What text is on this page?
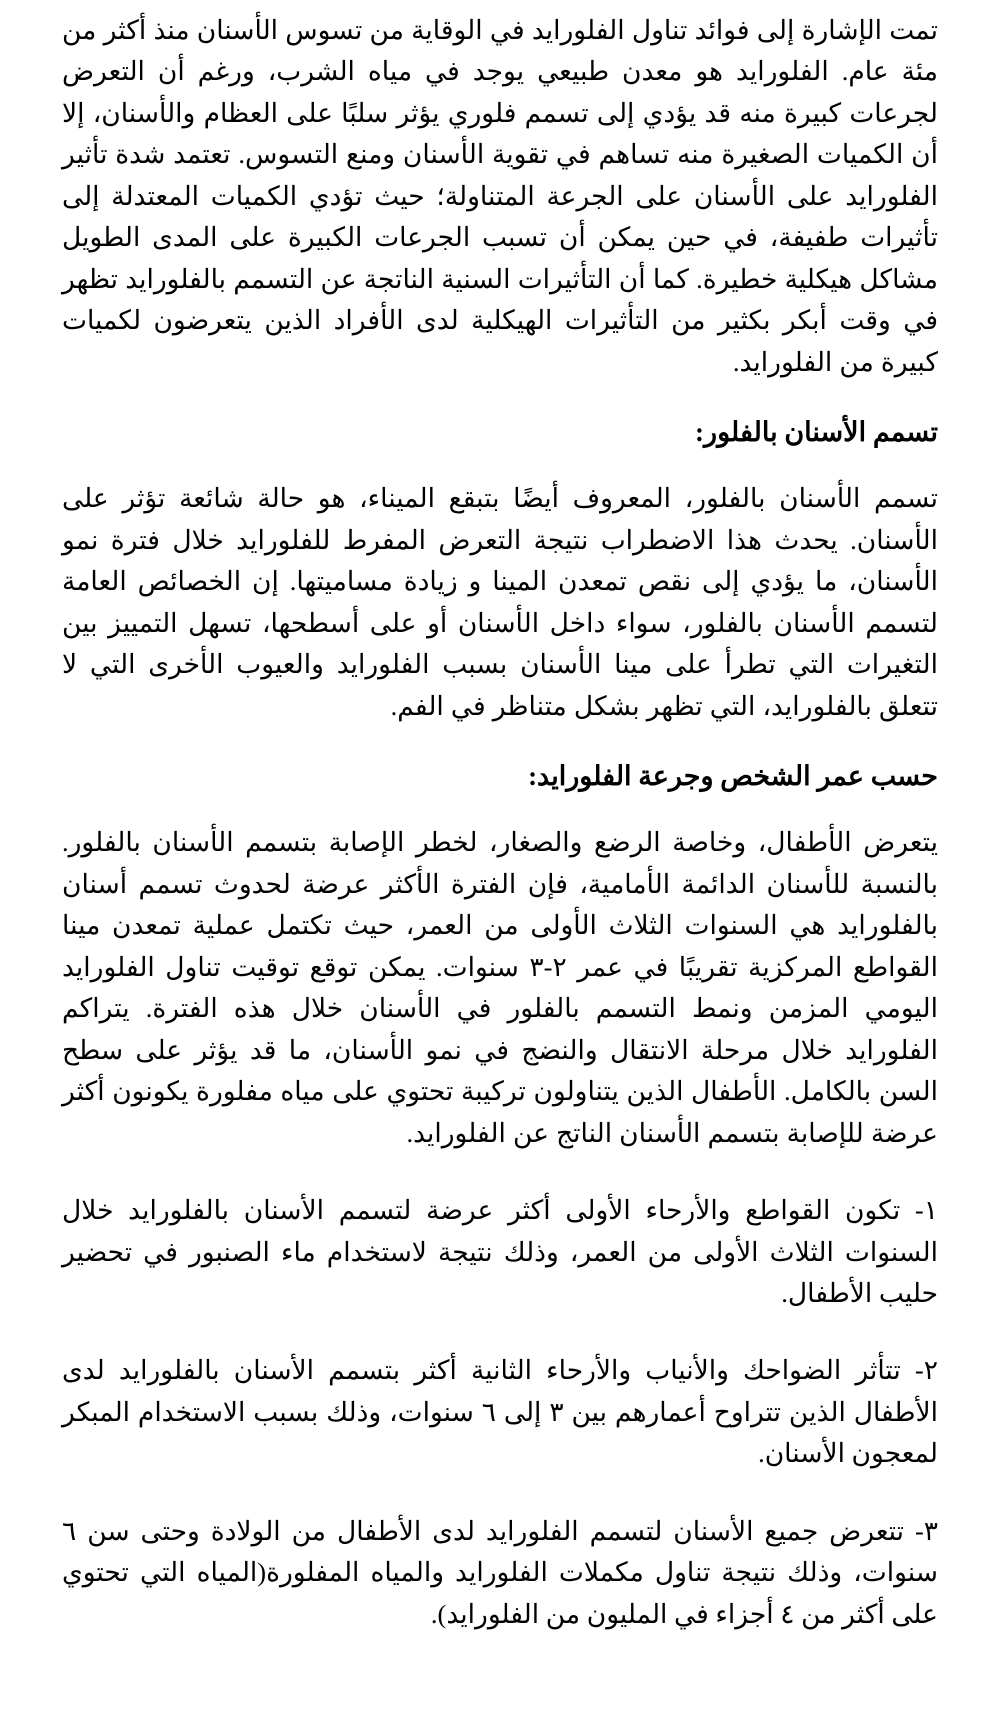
تمت الإشارة إلى فوائد تناول الفلورايد في الوقاية من تسوس الأسنان منذ أكثر من مئة عام. الفلورايد هو معدن طبيعي يوجد في مياه الشرب، ورغم أن التعرض لجرعات كبيرة منه قد يؤدي إلى تسمم فلوري يؤثر سلبًا على العظام والأسنان، إلا أن الكميات الصغيرة منه تساهم في تقوية الأسنان ومنع التسوس. تعتمد شدة تأثير الفلورايد على الأسنان على الجرعة المتناولة؛ حيث تؤدي الكميات المعتدلة إلى تأثيرات طفيفة، في حين يمكن أن تسبب الجرعات الكبيرة على المدى الطويل مشاكل هيكلية خطيرة. كما أن التأثيرات السنية الناتجة عن التسمم بالفلورايد تظهر في وقت أبكر بكثير من التأثيرات الهيكلية لدى الأفراد الذين يتعرضون لكميات كبيرة من الفلورايد.

تسمم الأسنان بالفلور:

تسمم الأسنان بالفلور، المعروف أيضًا بتبقع الميناء، هو حالة شائعة تؤثر على الأسنان. يحدث هذا الاضطراب نتيجة التعرض المفرط للفلورايد خلال فترة نمو الأسنان، ما يؤدي إلى نقص تمعدن المينا و زيادة مساميتها. إن الخصائص العامة لتسمم الأسنان بالفلور، سواء داخل الأسنان أو على أسطحها، تسهل التمييز بين التغيرات التي تطرأ على مينا الأسنان بسبب الفلورايد والعيوب الأخرى التي لا تتعلق بالفلورايد، التي تظهر بشكل متناظر في الفم.

حسب عمر الشخص وجرعة الفلورايد:

يتعرض الأطفال، وخاصة الرضع والصغار، لخطر الإصابة بتسمم الأسنان بالفلور. بالنسبة للأسنان الدائمة الأمامية، فإن الفترة الأكثر عرضة لحدوث تسمم أسنان بالفلورايد هي السنوات الثلاث الأولى من العمر، حيث تكتمل عملية تمعدن مينا القواطع المركزية تقريبًا في عمر ٢-٣ سنوات. يمكن توقع توقيت تناول الفلورايد اليومي المزمن ونمط التسمم بالفلور في الأسنان خلال هذه الفترة. يتراكم الفلورايد خلال مرحلة الانتقال والنضج في نمو الأسنان، ما قد يؤثر على سطح السن بالكامل. الأطفال الذين يتناولون تركيبة تحتوي على مياه مفلورة يكونون أكثر عرضة للإصابة بتسمم الأسنان الناتج عن الفلورايد.

١- تكون القواطع والأرحاء الأولى أكثر عرضة لتسمم الأسنان بالفلورايد خلال السنوات الثلاث الأولى من العمر، وذلك نتيجة لاستخدام ماء الصنبور في تحضير حليب الأطفال.

٢- تتأثر الضواحك والأنياب والأرحاء الثانية أكثر بتسمم الأسنان بالفلورايد لدى الأطفال الذين تتراوح أعمارهم بين ٣ إلى ٦ سنوات، وذلك بسبب الاستخدام المبكر لمعجون الأسنان.

٣- تتعرض جميع الأسنان لتسمم الفلورايد لدى الأطفال من الولادة وحتى سن ٦ سنوات، وذلك نتيجة تناول مكملات الفلورايد والمياه المفلورة(المياه التي تحتوي على أكثر من ٤ أجزاء في المليون من الفلورايد).
